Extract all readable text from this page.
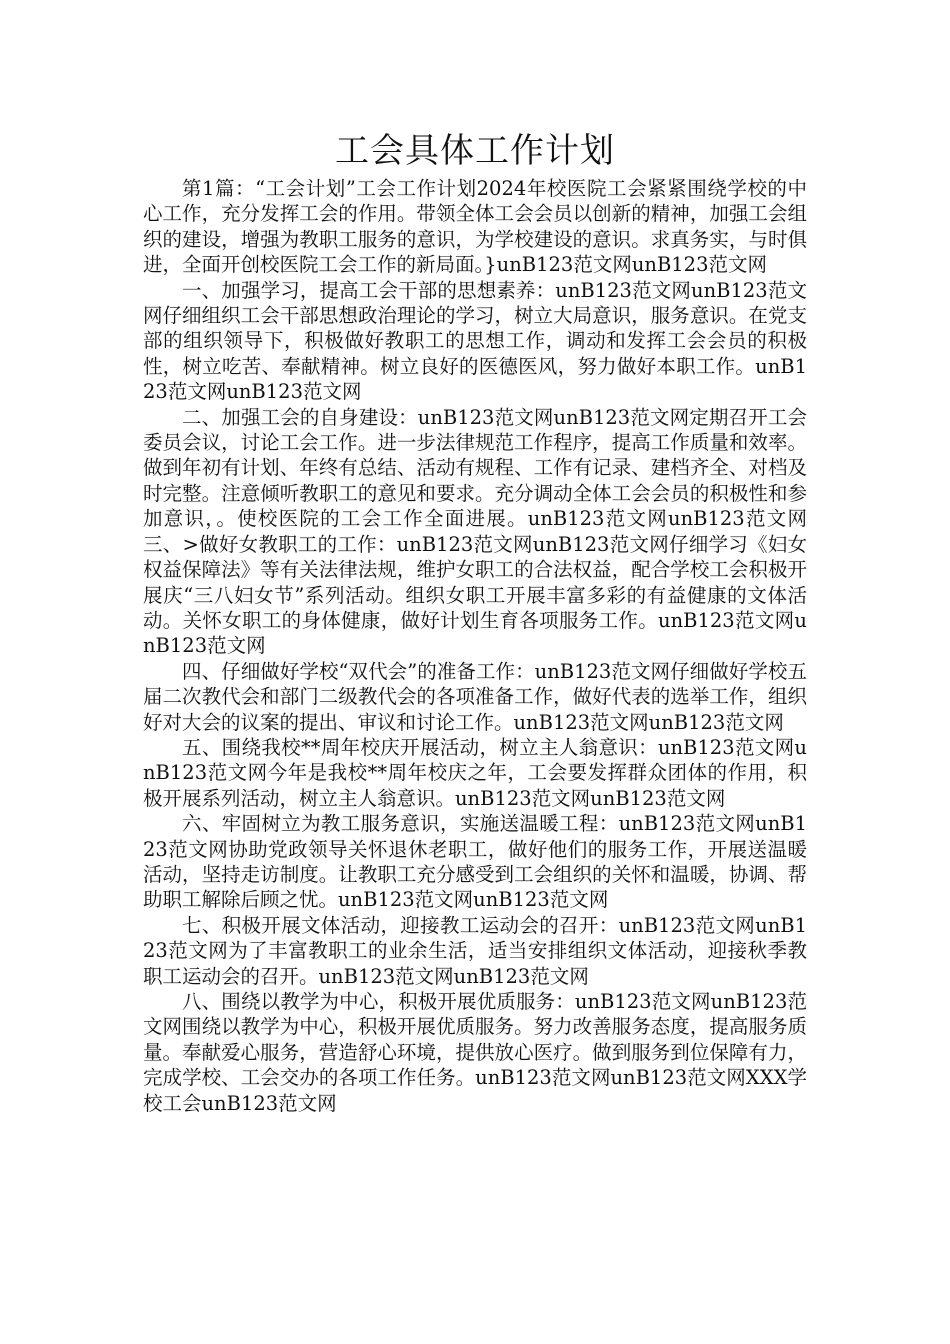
工会具体工作计划

第1篇：“工会计划”工会工作计划2024年校医院工会紧紧围绕学校的中心工作，充分发挥工会的作用。带领全体工会会员以创新的精神，加强工会组织的建设，增强为教职工服务的意识，为学校建设的意识。求真务实，与时俱进，全面开创校医院工会工作的新局面。}unB123范文网unB123范文网

一、加强学习，提高工会干部的思想素养：unB123范文网unB123范文网仔细组织工会干部思想政治理论的学习，树立大局意识，服务意识。在党支部的组织领导下，积极做好教职工的思想工作，调动和发挥工会会员的积极性，树立吃苦、奉献精神。树立良好的医德医风，努力做好本职工作。unB123范文网unB123范文网

二、加强工会的自身建设：unB123范文网unB123范文网定期召开工会委员会议，讨论工会工作。进一步法律规范工作程序，提高工作质量和效率。做到年初有计划、年终有总结、活动有规程、工作有记录、建档齐全、对档及时完整。注意倾听教职工的意见和要求。充分调动全体工会会员的积极性和参加意识，。使校医院的工会工作全面进展。unB123范文网unB123范文网三、>做好女教职工的工作：unB123范文网unB123范文网仔细学习《妇女权益保障法》等有关法律法规，维护女职工的合法权益，配合学校工会积极开展庆“三八妇女节”系列活动。组织女职工开展丰富多彩的有益健康的文体活动。关怀女职工的身体健康，做好计划生育各项服务工作。unB123范文网unB123范文网

四、仔细做好学校“双代会”的准备工作：unB123范文网仔细做好学校五届二次教代会和部门二级教代会的各项准备工作，做好代表的选举工作，组织好对大会的议案的提出、审议和讨论工作。unB123范文网unB123范文网

五、围绕我校**周年校庆开展活动，树立主人翁意识：unB123范文网unB123范文网今年是我校**周年校庆之年，工会要发挥群众团体的作用，积极开展系列活动，树立主人翁意识。unB123范文网unB123范文网

六、牢固树立为教工服务意识，实施送温暖工程：unB123范文网unB123范文网协助党政领导关怀退休老职工，做好他们的服务工作，开展送温暖活动，坚持走访制度。让教职工充分感受到工会组织的关怀和温暖，协调、帮助职工解除后顾之忧。unB123范文网unB123范文网

七、积极开展文体活动，迎接教工运动会的召开：unB123范文网unB123范文网为了丰富教职工的业余生活，适当安排组织文体活动，迎接秋季教职工运动会的召开。unB123范文网unB123范文网

八、围绕以教学为中心，积极开展优质服务：unB123范文网unB123范文网围绕以教学为中心，积极开展优质服务。努力改善服务态度，提高服务质量。奉献爱心服务，营造舒心环境，提供放心医疗。做到服务到位保障有力，完成学校、工会交办的各项工作任务。unB123范文网unB123范文网XXX学校工会unB123范文网
